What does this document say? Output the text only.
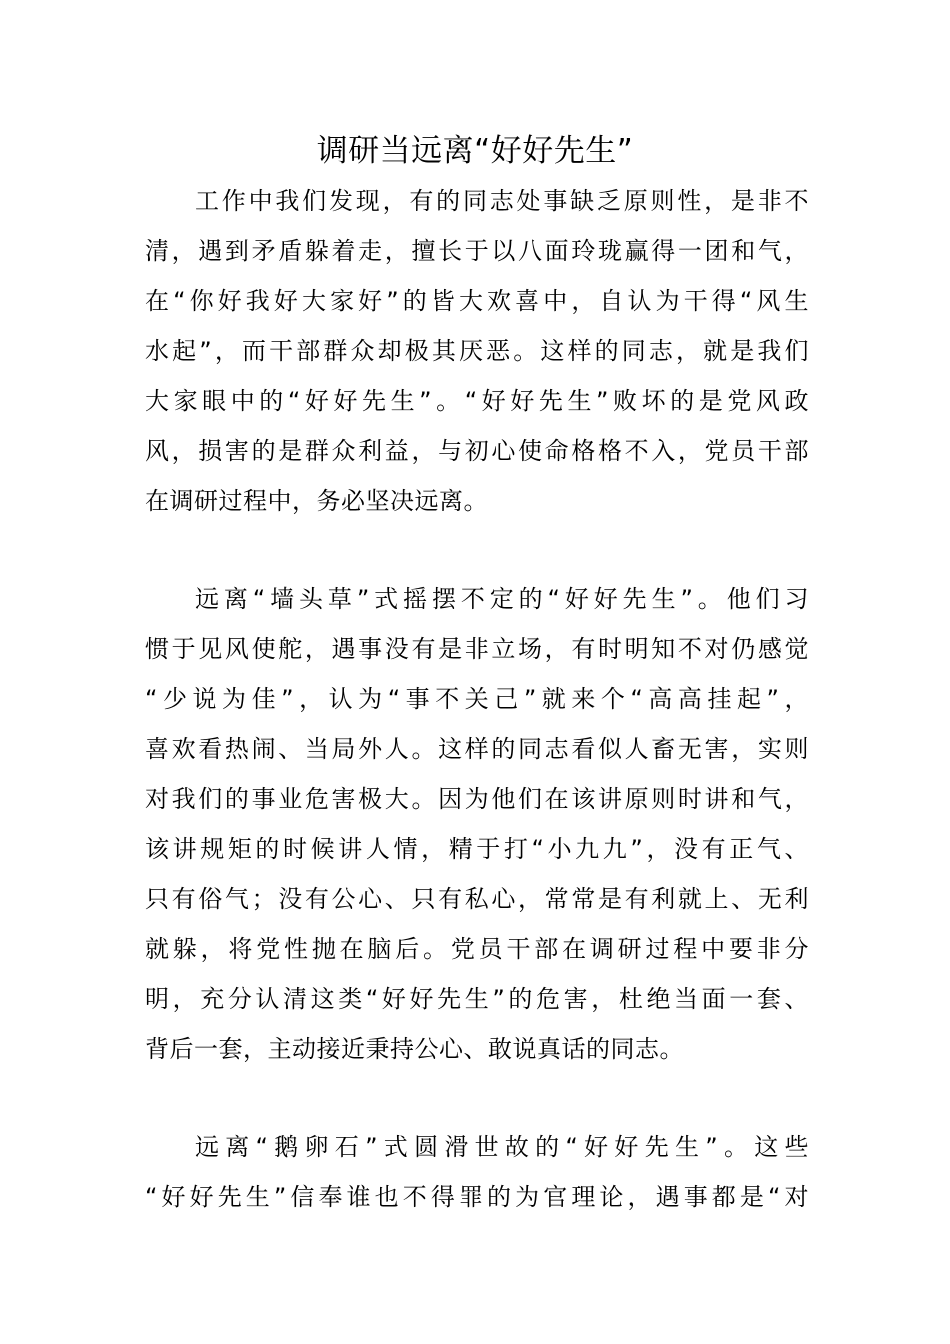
调研当远离“好好先生”
工作中我们发现，有的同志处事缺乏原则性，是非不
清，遇到矛盾躲着走，擅长于以八面玲珑赢得一团和气，
在“你好我好大家好”的皆大欢喜中，自认为干得“风生
水起”，而干部群众却极其厌恶。这样的同志，就是我们
大家眼中的“好好先生”。“好好先生”败坏的是党风政
风，损害的是群众利益，与初心使命格格不入，党员干部
在调研过程中，务必坚决远离。
远离“墙头草”式摇摆不定的“好好先生”。他们习
惯于见风使舵，遇事没有是非立场，有时明知不对仍感觉
“少说为佳”，认为“事不关己”就来个“高高挂起”，
喜欢看热闹、当局外人。这样的同志看似人畜无害，实则
对我们的事业危害极大。因为他们在该讲原则时讲和气，
该讲规矩的时候讲人情，精于打“小九九”，没有正气、
只有俗气；没有公心、只有私心，常常是有利就上、无利
就躲，将党性抛在脑后。党员干部在调研过程中要非分
明，充分认清这类“好好先生”的危害，杜绝当面一套、
背后一套，主动接近秉持公心、敢说真话的同志。
远离“鹅卵石”式圆滑世故的“好好先生”。这些
“好好先生”信奉谁也不得罪的为官理论，遇事都是“对
